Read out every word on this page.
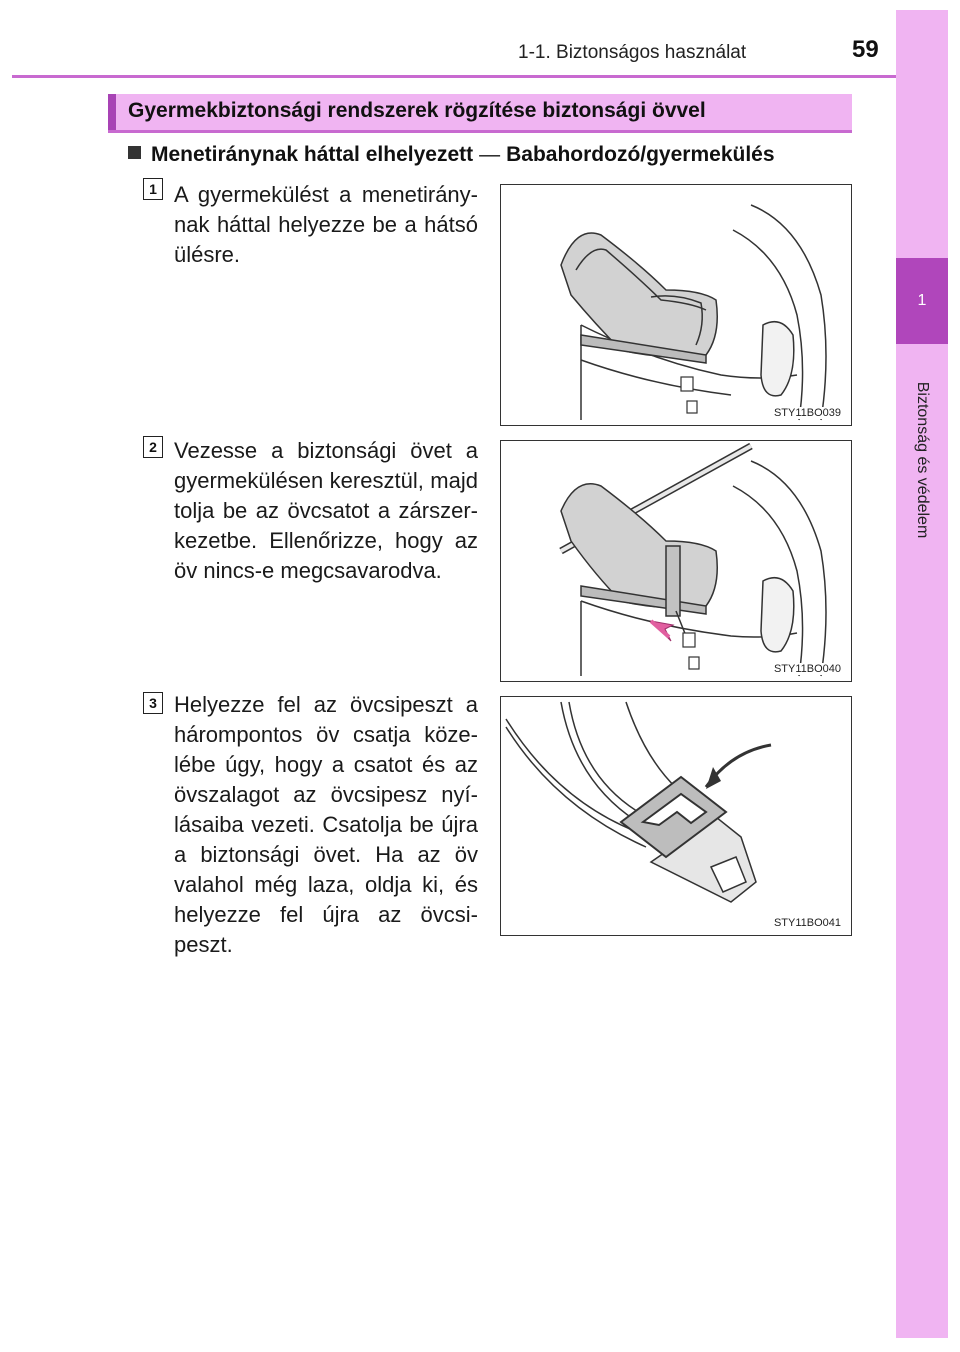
1-1. Biztonságos használat	59
1
Biztonság és védelem
Gyermekbiztonsági rendszerek rögzítése biztonsági övvel
Menetiránynak háttal elhelyezett — Babahordozó/gyermekülés
1 A gyermekülést a menetirány-nak háttal helyezze be a hátsó ülésre.
STY11BO039
2 Vezesse a biztonsági övet a gyermekülésen keresztül, majd tolja be az övcsatot a zárszer-kezetbe. Ellenőrizze, hogy az öv nincs-e megcsavarodva.
STY11BO040
3 Helyezze fel az övcsipeszt a hárompontos öv csatja köze-lébe úgy, hogy a csatot és az övszalagot az övcsipesz nyí-lásaiba vezeti. Csatolja be újra a biztonsági övet. Ha az öv valahol még laza, oldja ki, és helyezze fel újra az övcsi-peszt.
STY11BO041
